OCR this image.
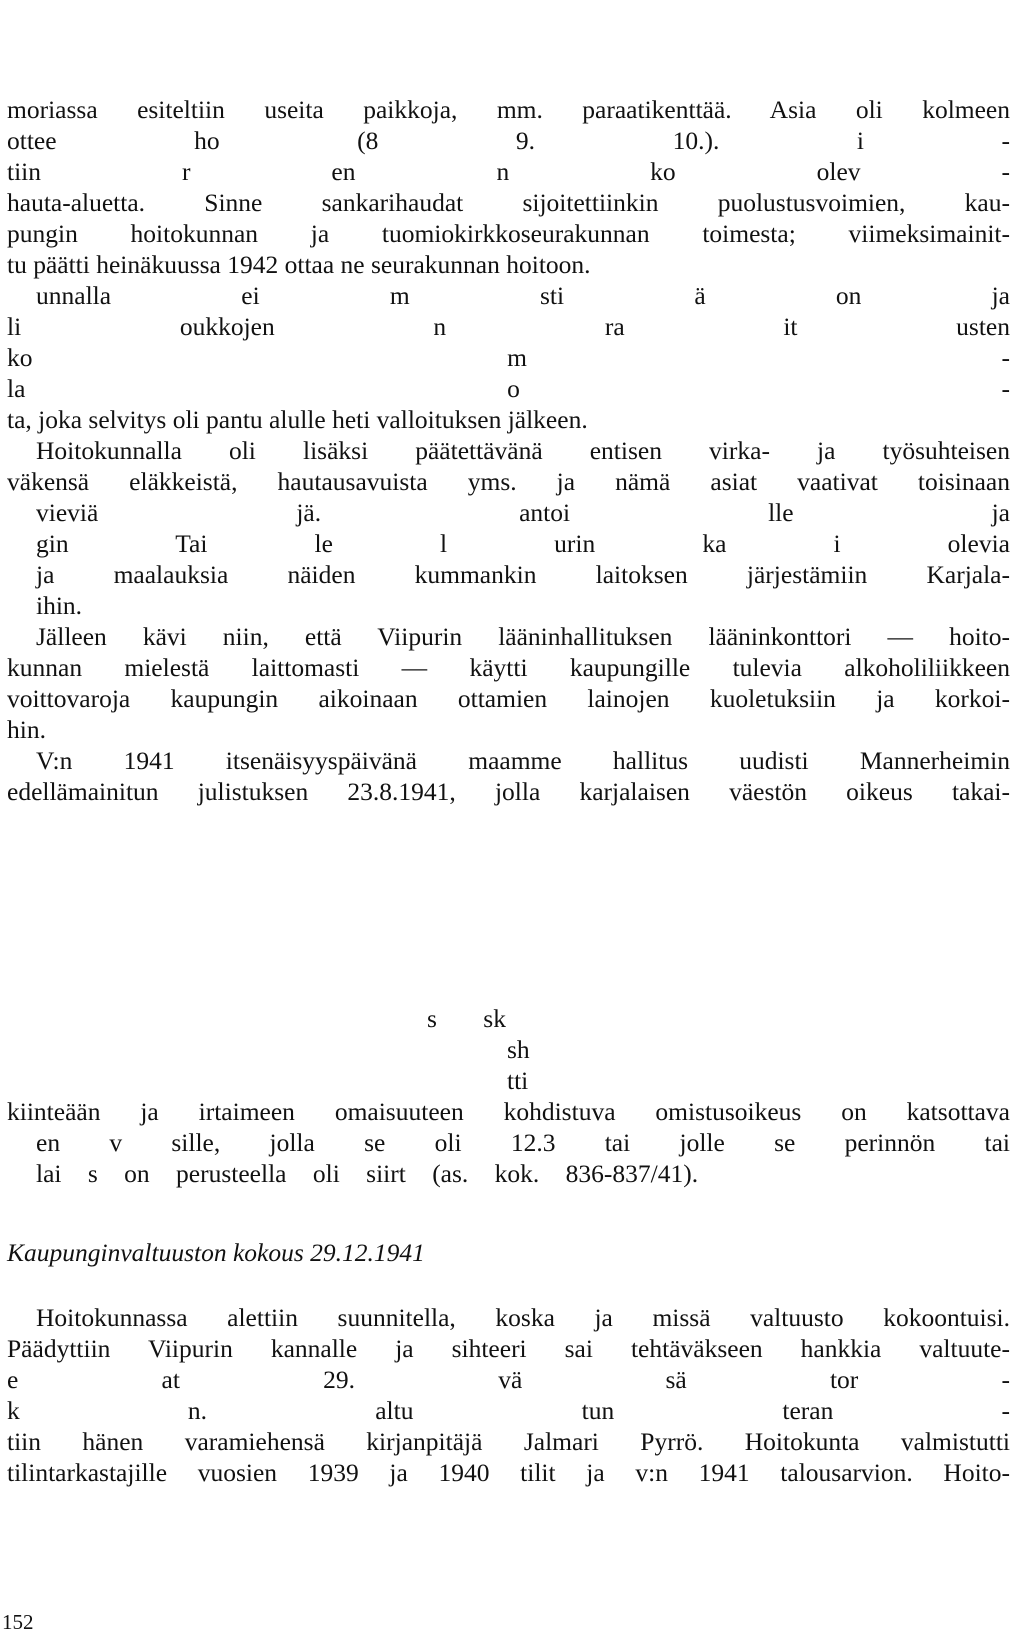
moriassa esiteltiin useita paikkoja, mm. paraatikenttää. Asia oli kolmeen
ottee ho (8 9. 10.). i -
tiin r en n ko olev -
hauta-aluetta. Sinne sankarihaudat sijoitettiinkin puolustusvoimien, kau-
pungin hoitokunnan ja tuomiokirkkoseurakunnan toimesta; viimeksimainit-
tu päätti heinäkuussa 1942 ottaa ne seurakunnan hoitoon.
unnalla ei m sti ä on ja
li oukkojen n ra it usten
ko m -
la o -
ta, joka selvitys oli pantu alulle heti valloituksen jälkeen.
Hoitokunnalla oli lisäksi päätettävänä entisen virka- ja työsuhteisen
väkensä eläkkeistä, hautausavuista yms. ja nämä asiat vaativat toisinaan
vieviä jä. antoi lle ja
gin Tai le l urin ka i olevia
ja maalauksia näiden kummankin laitoksen järjestämiin Karjala-
ihin.
Jälleen kävi niin, että Viipurin lääninhallituksen lääninkonttori — hoito-
kunnan mielestä laittomasti — käytti kaupungille tulevia alkoholiliikkeen
voittovaroja kaupungin aikoinaan ottamien lainojen kuoletuksiin ja korkoi-
hin.
V:n 1941 itsenäisyyspäivänä maamme hallitus uudisti Mannerheimin
edellämainitun julistuksen 23.8.1941, jolla karjalaisen väestön oikeus takai-
s sk
sh
tti
kiinteään ja irtaimeen omaisuuteen kohdistuva omistusoikeus on katsottava
en v sille, jolla se oli 12.3 tai jolle se perinnön tai
lai s on perusteella oli siirt (as. kok. 836-837/41).
Kaupunginvaltuuston kokous 29.12.1941
Hoitokunnassa alettiin suunnitella, koska ja missä valtuusto kokoontuisi.
Päädyttiin Viipurin kannalle ja sihteeri sai tehtäväkseen hankkia valtuute-
e at 29. vä sä tor -
k n. altu tun teran -
tiin hänen varamiehensä kirjanpitäjä Jalmari Pyrrö. Hoitokunta valmistutti
tilintarkastajille vuosien 1939 ja 1940 tilit ja v:n 1941 talousarvion. Hoito-
152
